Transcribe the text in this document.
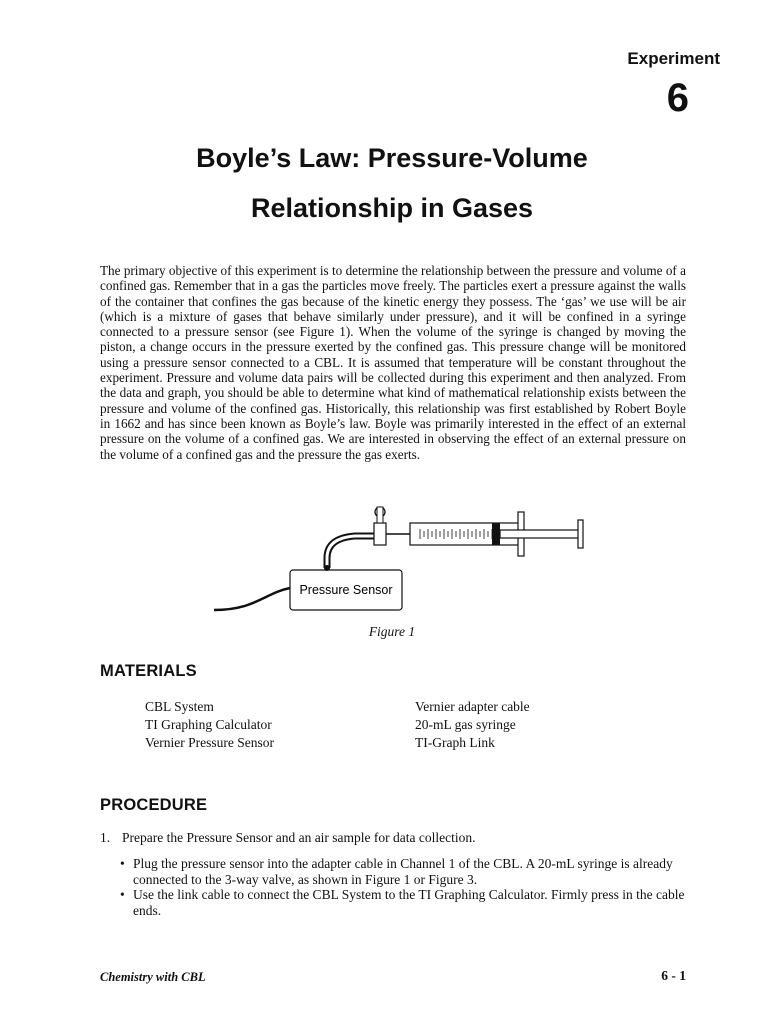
Experiment
6
Boyle’s Law: Pressure-Volume
Relationship in Gases

The primary objective of this experiment is to determine the relationship between the pressure and volume of a confined gas. Remember that in a gas the particles move freely. The particles exert a pressure against the walls of the container that confines the gas because of the kinetic energy they possess. The ‘gas’ we use will be air (which is a mixture of gases that behave similarly under pressure), and it will be confined in a syringe connected to a pressure sensor (see Figure 1). When the volume of the syringe is changed by moving the piston, a change occurs in the pressure exerted by the confined gas. This pressure change will be monitored using a pressure sensor connected to a CBL. It is assumed that temperature will be constant throughout the experiment. Pressure and volume data pairs will be collected during this experiment and then analyzed. From the data and graph, you should be able to determine what kind of mathematical relationship exists between the pressure and volume of the confined gas. Historically, this relationship was first established by Robert Boyle in 1662 and has since been known as Boyle’s law. Boyle was primarily interested in the effect of an external pressure on the volume of a confined gas. We are interested in observing the effect of an external pressure on the volume of a confined gas and the pressure the gas exerts.

Pressure Sensor
Figure 1
MATERIALS
CBL System
TI Graphing Calculator
Vernier Pressure Sensor
Vernier adapter cable
20-mL gas syringe
TI-Graph Link
PROCEDURE
1. Prepare the Pressure Sensor and an air sample for data collection.
• Plug the pressure sensor into the adapter cable in Channel 1 of the CBL. A 20-mL syringe is already connected to the 3-way valve, as shown in Figure 1 or Figure 3.
• Use the link cable to connect the CBL System to the TI Graphing Calculator. Firmly press in the cable ends.
Chemistry with CBL	6 - 1
